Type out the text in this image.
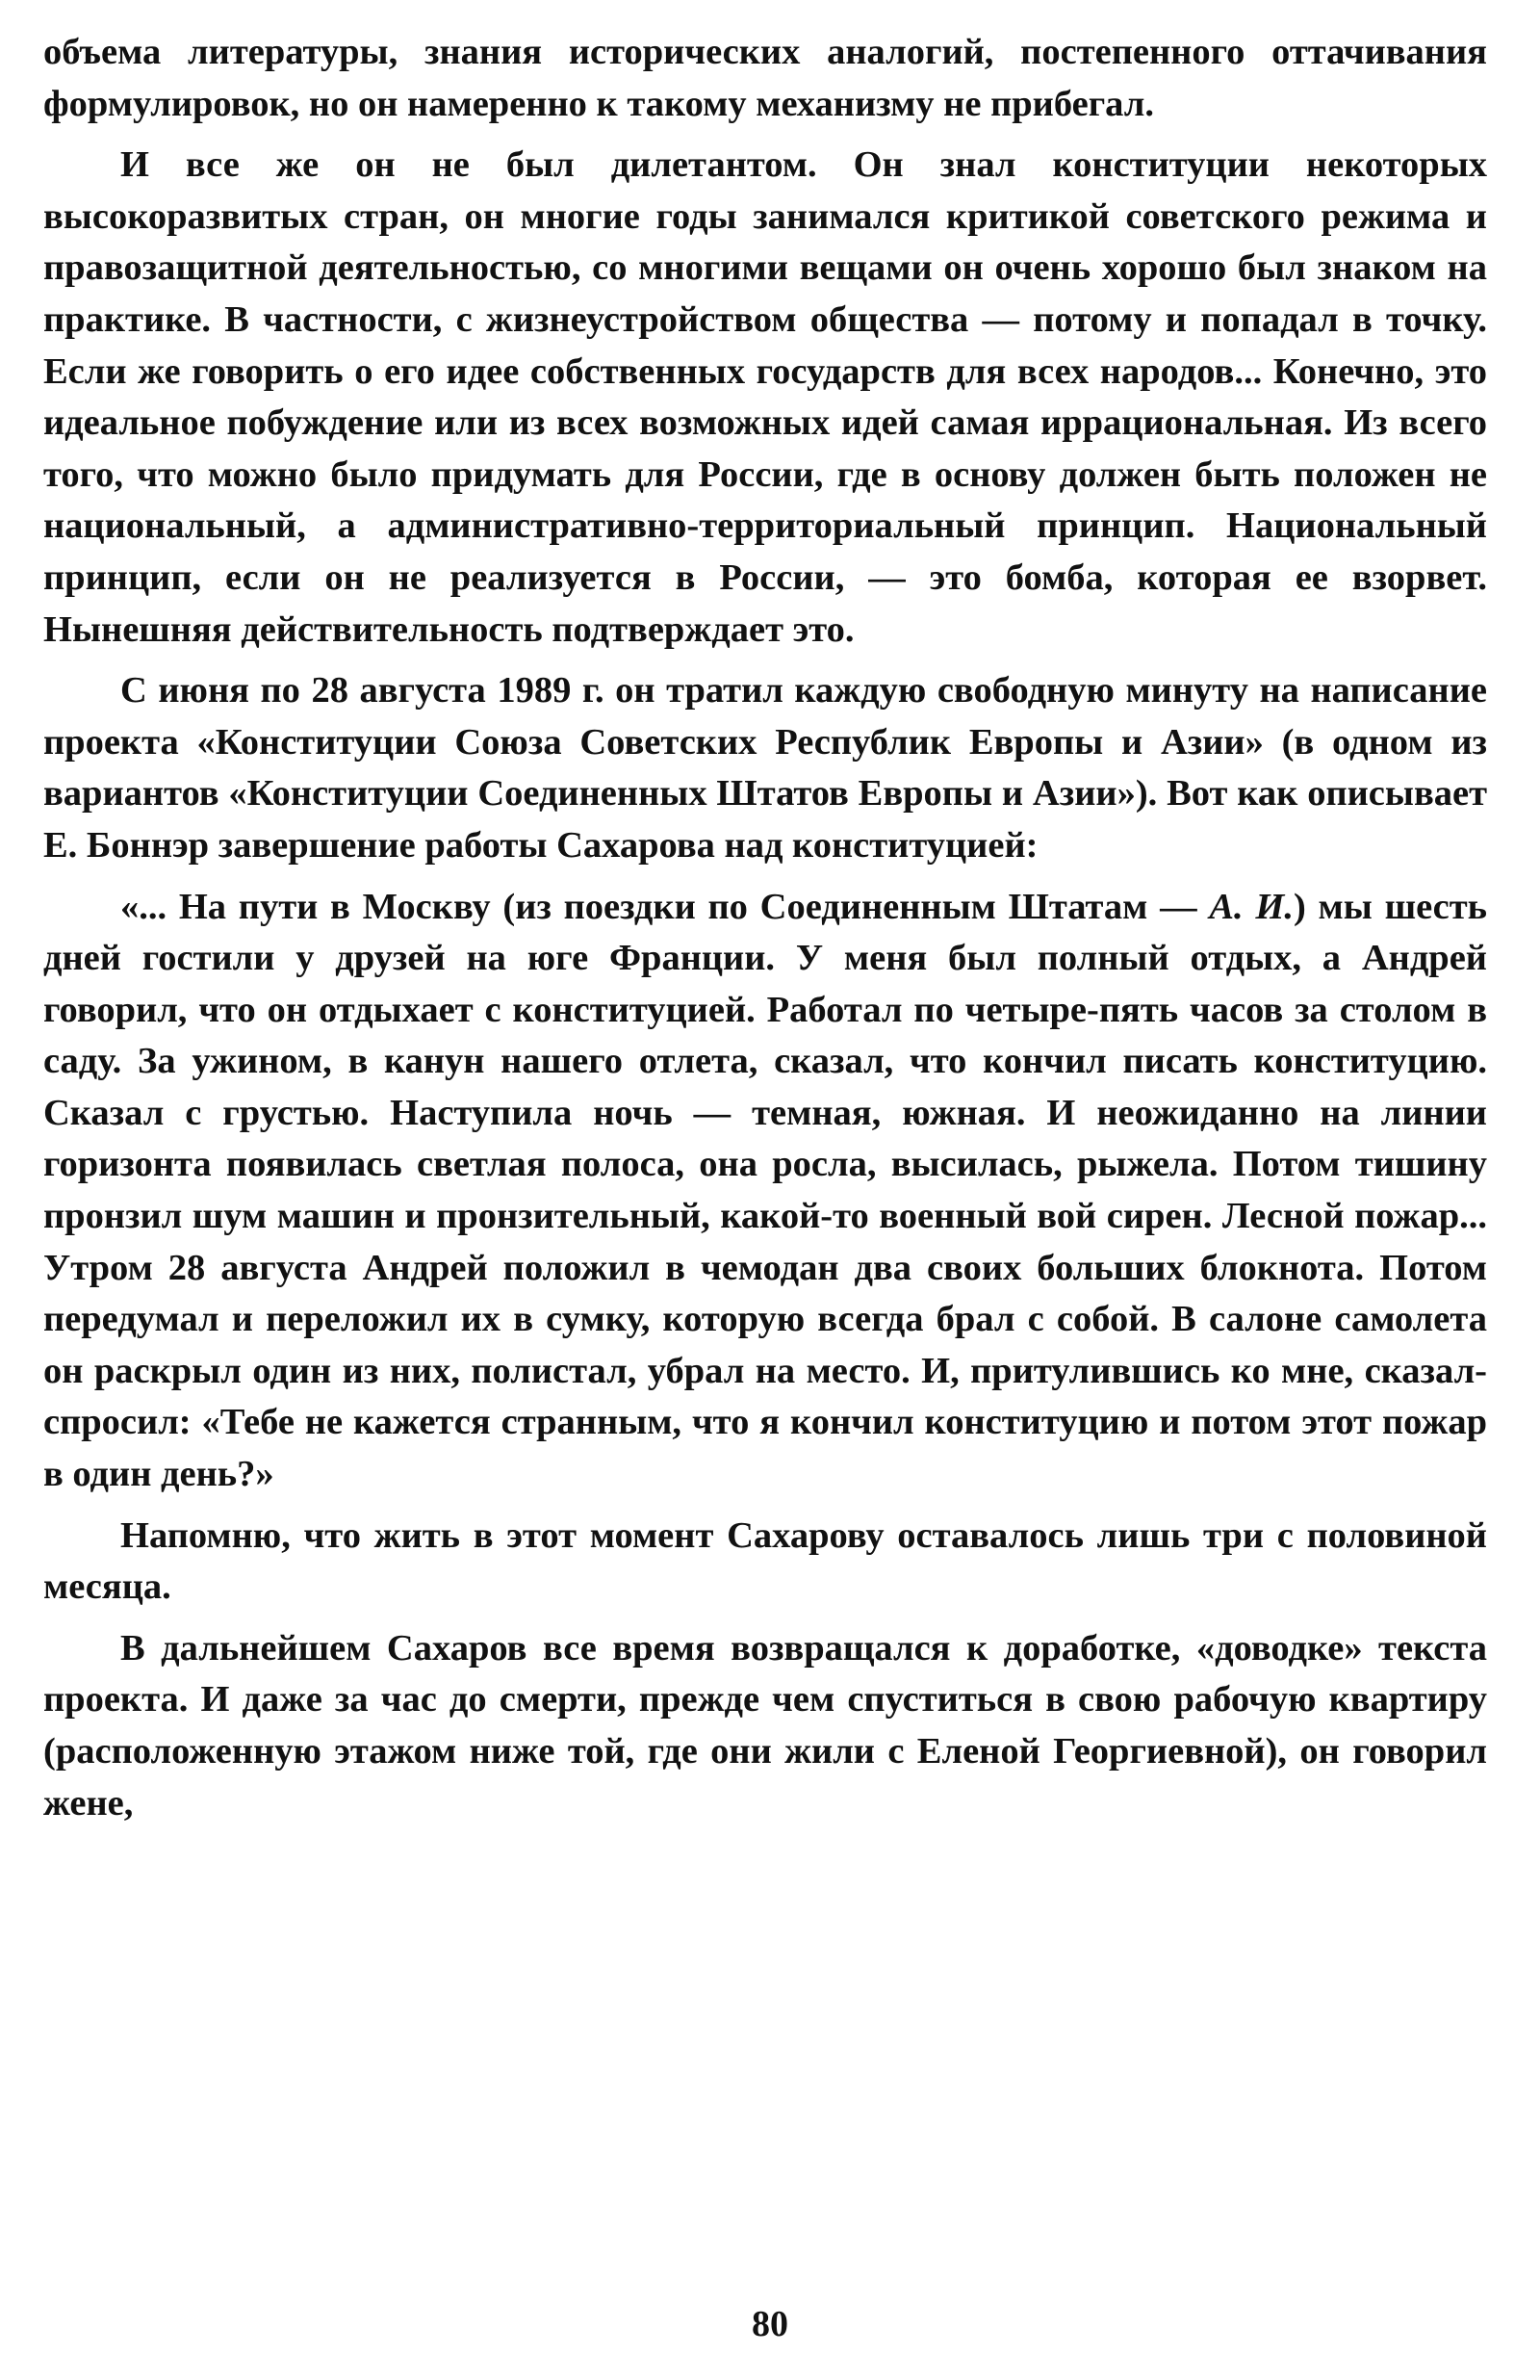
объема литературы, знания исторических аналогий, постепенного оттачивания формулировок, но он намеренно к такому механизму не прибегал.

И все же он не был дилетантом. Он знал конституции некоторых высокоразвитых стран, он многие годы занимался критикой советского режима и правозащитной деятельностью, со многими вещами он очень хорошо был знаком на практике. В частности, с жизнеустройством общества — потому и попадал в точку. Если же говорить о его идее собственных государств для всех народов... Конечно, это идеальное побуждение или из всех возможных идей самая иррациональная. Из всего того, что можно было придумать для России, где в основу должен быть положен не национальный, а административно-территориальный принцип. Национальный принцип, если он не реализуется в России, — это бомба, которая ее взорвет. Нынешняя действительность подтверждает это.

С июня по 28 августа 1989 г. он тратил каждую свободную минуту на написание проекта «Конституции Союза Советских Республик Европы и Азии» (в одном из вариантов «Конституции Соединенных Штатов Европы и Азии»). Вот как описывает Е. Боннэр завершение работы Сахарова над конституцией:

«... На пути в Москву (из поездки по Соединенным Штатам — А. И.) мы шесть дней гостили у друзей на юге Франции. У меня был полный отдых, а Андрей говорил, что он отдыхает с конституцией. Работал по четыре-пять часов за столом в саду. За ужином, в канун нашего отлета, сказал, что кончил писать конституцию. Сказал с грустью. Наступила ночь — темная, южная. И неожиданно на линии горизонта появилась светлая полоса, она росла, высилась, рыжела. Потом тишину пронзил шум машин и пронзительный, какой-то военный вой сирен. Лесной пожар... Утром 28 августа Андрей положил в чемодан два своих больших блокнота. Потом передумал и переложил их в сумку, которую всегда брал с собой. В салоне самолета он раскрыл один из них, полистал, убрал на место. И, притулившись ко мне, сказал-спросил: «Тебе не кажется странным, что я кончил конституцию и потом этот пожар в один день?»

Напомню, что жить в этот момент Сахарову оставалось лишь три с половиной месяца.

В дальнейшем Сахаров все время возвращался к доработке, «доводке» текста проекта. И даже за час до смерти, прежде чем спуститься в свою рабочую квартиру (расположенную этажом ниже той, где они жили с Еленой Георгиевной), он говорил жене,

80
